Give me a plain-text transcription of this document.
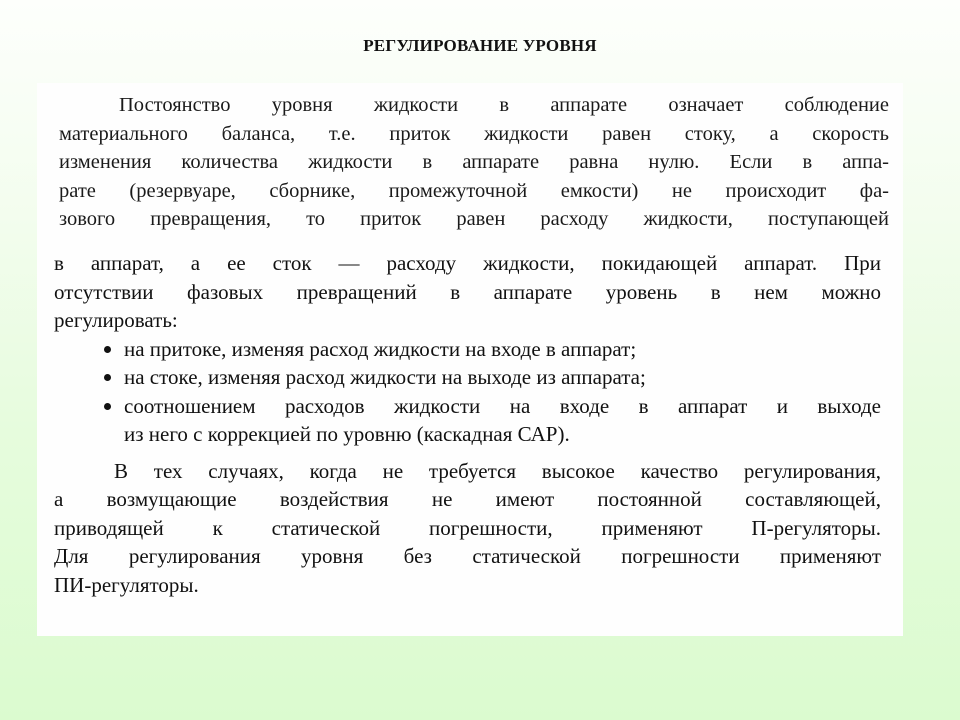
РЕГУЛИРОВАНИЕ УРОВНЯ

Постоянство уровня жидкости в аппарате означает соблюдение
материального баланса, т.е. приток жидкости равен стоку, а скорость
изменения количества жидкости в аппарате равна нулю. Если в аппа-
рате (резервуаре, сборнике, промежуточной емкости) не происходит фа-
зового превращения, то приток равен расходу жидкости, поступающей

в аппарат, а ее сток — расходу жидкости, покидающей аппарат. При
отсутствии фазовых превращений в аппарате уровень в нем можно
регулировать:

на притоке, изменяя расход жидкости на входе в аппарат;
на стоке, изменяя расход жидкости на выходе из аппарата;
соотношением расходов жидкости на входе в аппарат и выходе
из него с коррекцией по уровню (каскадная САР).

В тех случаях, когда не требуется высокое качество регулирования,
а возмущающие воздействия не имеют постоянной составляющей,
приводящей к статической погрешности, применяют П-регуляторы.
Для регулирования уровня без статической погрешности применяют
ПИ-регуляторы.
